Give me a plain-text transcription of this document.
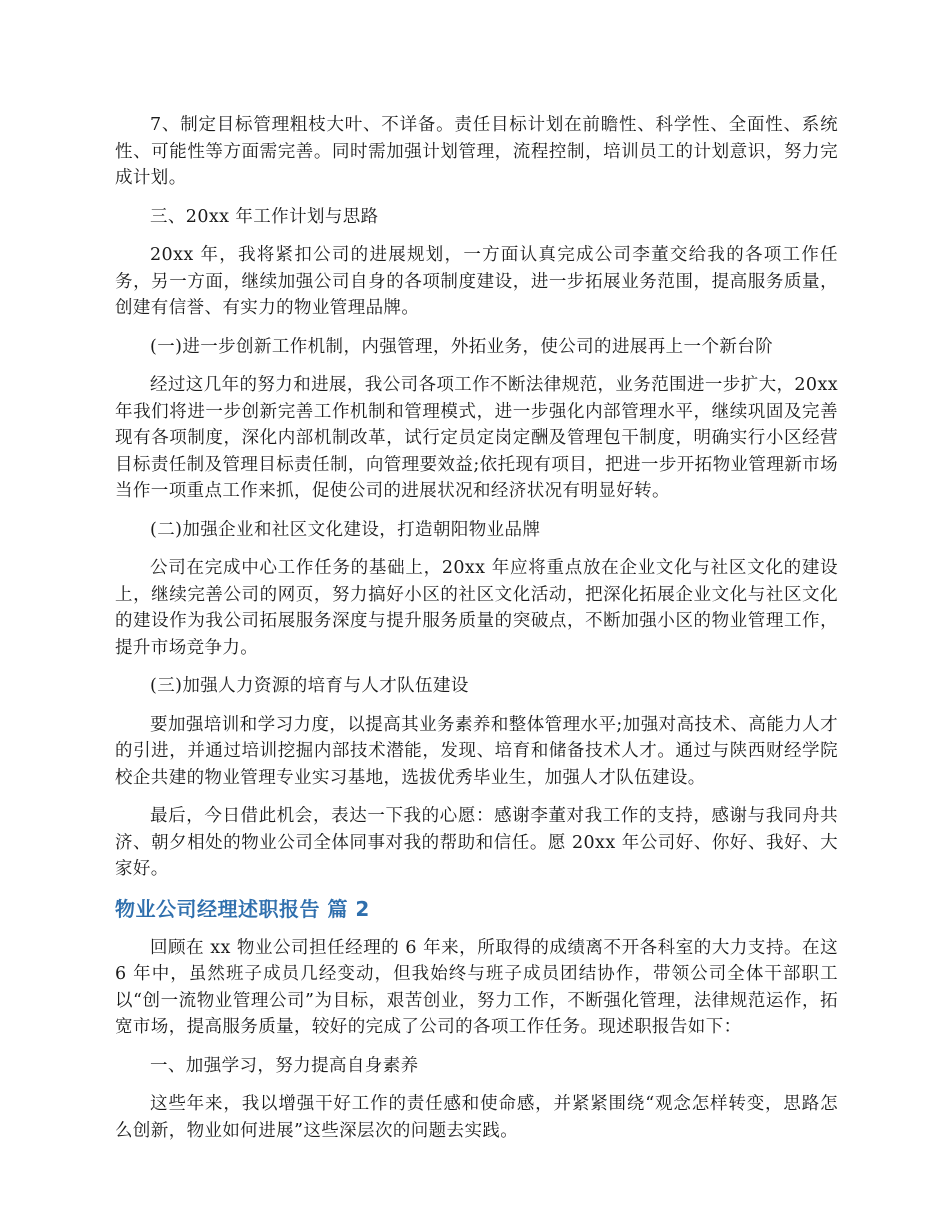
7、制定目标管理粗枝大叶、不详备。责任目标计划在前瞻性、科学性、全面性、系统性、可能性等方面需完善。同时需加强计划管理，流程控制，培训员工的计划意识，努力完成计划。

三、20xx 年工作计划与思路

20xx 年，我将紧扣公司的进展规划，一方面认真完成公司李董交给我的各项工作任务，另一方面，继续加强公司自身的各项制度建设，进一步拓展业务范围，提高服务质量，创建有信誉、有实力的物业管理品牌。

(一)进一步创新工作机制，内强管理，外拓业务，使公司的进展再上一个新台阶

经过这几年的努力和进展，我公司各项工作不断法律规范，业务范围进一步扩大，20xx 年我们将进一步创新完善工作机制和管理模式，进一步强化内部管理水平，继续巩固及完善现有各项制度，深化内部机制改革，试行定员定岗定酬及管理包干制度，明确实行小区经营目标责任制及管理目标责任制，向管理要效益;依托现有项目，把进一步开拓物业管理新市场当作一项重点工作来抓，促使公司的进展状况和经济状况有明显好转。

(二)加强企业和社区文化建设，打造朝阳物业品牌

公司在完成中心工作任务的基础上，20xx 年应将重点放在企业文化与社区文化的建设上，继续完善公司的网页，努力搞好小区的社区文化活动，把深化拓展企业文化与社区文化的建设作为我公司拓展服务深度与提升服务质量的突破点，不断加强小区的物业管理工作，提升市场竞争力。

(三)加强人力资源的培育与人才队伍建设

要加强培训和学习力度，以提高其业务素养和整体管理水平;加强对高技术、高能力人才的引进，并通过培训挖掘内部技术潜能，发现、培育和储备技术人才。通过与陕西财经学院校企共建的物业管理专业实习基地，选拔优秀毕业生，加强人才队伍建设。

最后，今日借此机会，表达一下我的心愿：感谢李董对我工作的支持，感谢与我同舟共济、朝夕相处的物业公司全体同事对我的帮助和信任。愿 20xx 年公司好、你好、我好、大家好。

物业公司经理述职报告 篇 2

回顾在 xx 物业公司担任经理的 6 年来，所取得的成绩离不开各科室的大力支持。在这 6 年中，虽然班子成员几经变动，但我始终与班子成员团结协作，带领公司全体干部职工以“创一流物业管理公司”为目标，艰苦创业，努力工作，不断强化管理，法律规范运作，拓宽市场，提高服务质量，较好的完成了公司的各项工作任务。现述职报告如下：

一、加强学习，努力提高自身素养

这些年来，我以增强干好工作的责任感和使命感，并紧紧围绕“观念怎样转变，思路怎么创新，物业如何进展”这些深层次的问题去实践。
